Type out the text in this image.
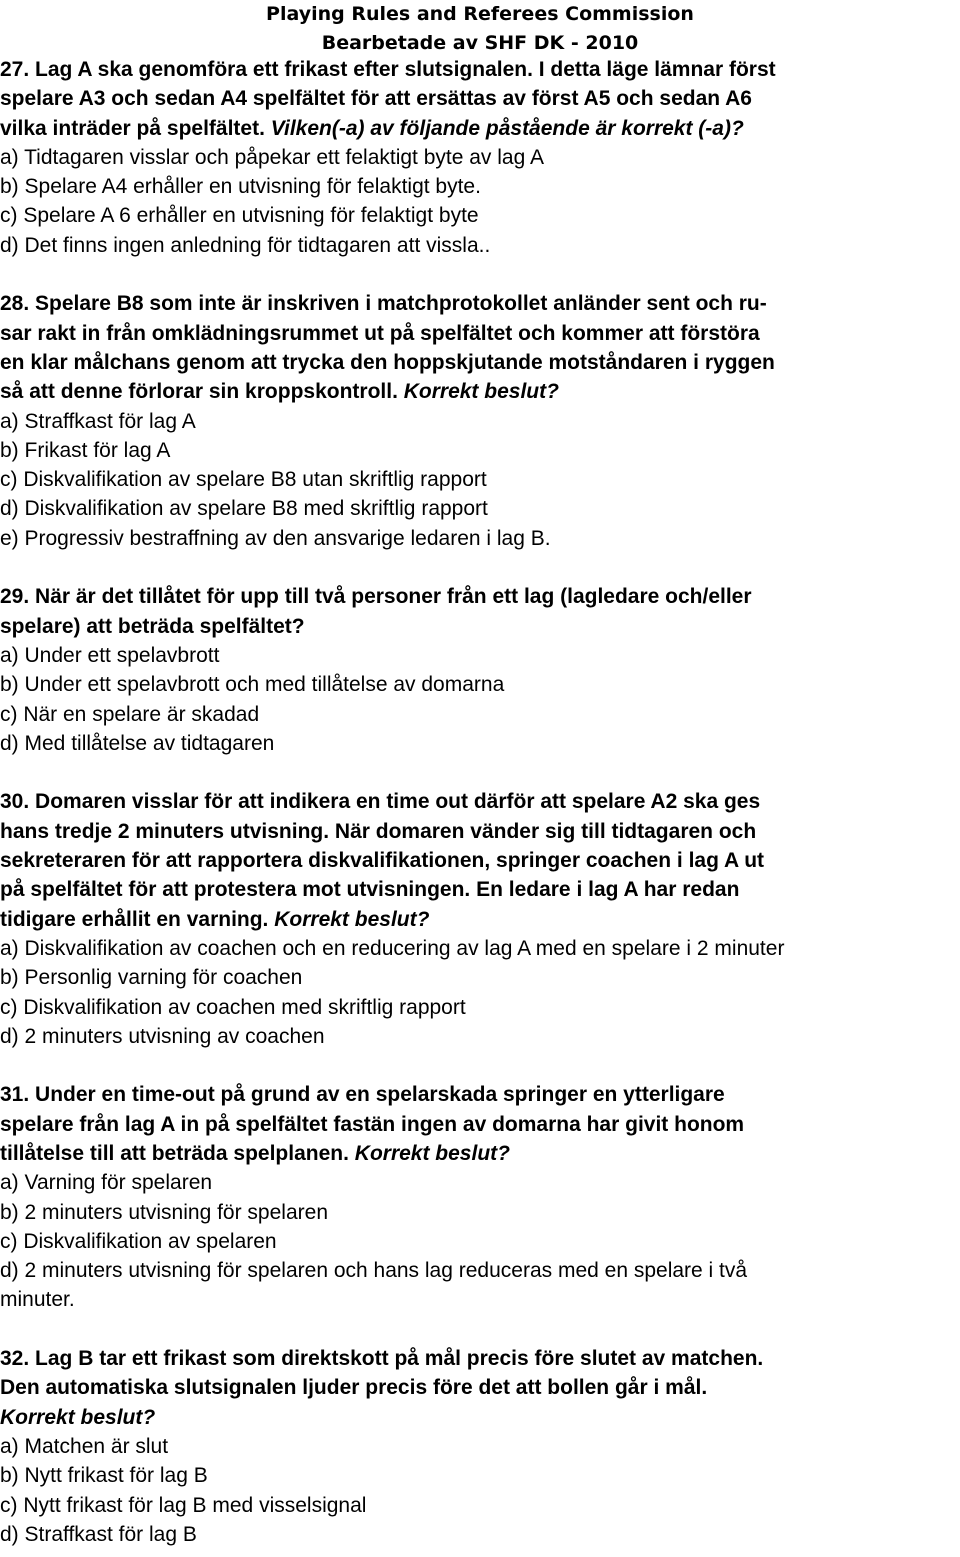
Playing Rules and Referees Commission
Bearbetade av SHF DK - 2010
27. Lag A ska genomföra ett frikast efter slutsignalen. I detta läge lämnar först
spelare A3 och sedan A4 spelfältet för att ersättas av först A5 och sedan A6
vilka inträder på spelfältet. Vilken(-a) av följande påstående är korrekt (-a)?
a) Tidtagaren visslar och påpekar ett felaktigt byte av lag A
b) Spelare A4 erhåller en utvisning för felaktigt byte.
c) Spelare A 6 erhåller en utvisning för felaktigt byte
d) Det finns ingen anledning för tidtagaren att vissla..
28. Spelare B8 som inte är inskriven i matchprotokollet anländer sent och ru-
sar rakt in från omklädningsrummet ut på spelfältet och kommer att förstöra
en klar målchans genom att trycka den hoppskjutande motståndaren i ryggen
så att denne förlorar sin kroppskontroll. Korrekt beslut?
a) Straffkast för lag A
b) Frikast för lag A
c) Diskvalifikation av spelare B8 utan skriftlig rapport
d) Diskvalifikation av spelare B8 med skriftlig rapport
e) Progressiv bestraffning av den ansvarige ledaren i lag B.
29. När är det tillåtet för upp till två personer från ett lag (lagledare och/eller
spelare) att beträda spelfältet?
a) Under ett spelavbrott
b) Under ett spelavbrott och med tillåtelse av domarna
c) När en spelare är skadad
d) Med tillåtelse av tidtagaren
30. Domaren visslar för att indikera en time out därför att spelare A2 ska ges
hans tredje 2 minuters utvisning. När domaren vänder sig till tidtagaren och
sekreteraren för att rapportera diskvalifikationen, springer coachen i lag A ut
på spelfältet för att protestera mot utvisningen. En ledare i lag A har redan
tidigare erhållit en varning. Korrekt beslut?
a) Diskvalifikation av coachen och en reducering av lag A med en spelare i 2 minuter
b) Personlig varning för coachen
c) Diskvalifikation av coachen med skriftlig rapport
d) 2 minuters utvisning av coachen
31. Under en time-out på grund av en spelarskada springer en ytterligare
spelare från lag A in på spelfältet fastän ingen av domarna har givit honom
tillåtelse till att beträda spelplanen. Korrekt beslut?
a) Varning för spelaren
b) 2 minuters utvisning för spelaren
c) Diskvalifikation av spelaren
d) 2 minuters utvisning för spelaren och hans lag reduceras med en spelare i två
minuter.
32. Lag B tar ett frikast som direktskott på mål precis före slutet av matchen.
Den automatiska slutsignalen ljuder precis före det att bollen går i mål.
Korrekt beslut?
a) Matchen är slut
b) Nytt frikast för lag B
c) Nytt frikast för lag B med visselsignal
d) Straffkast för lag B
